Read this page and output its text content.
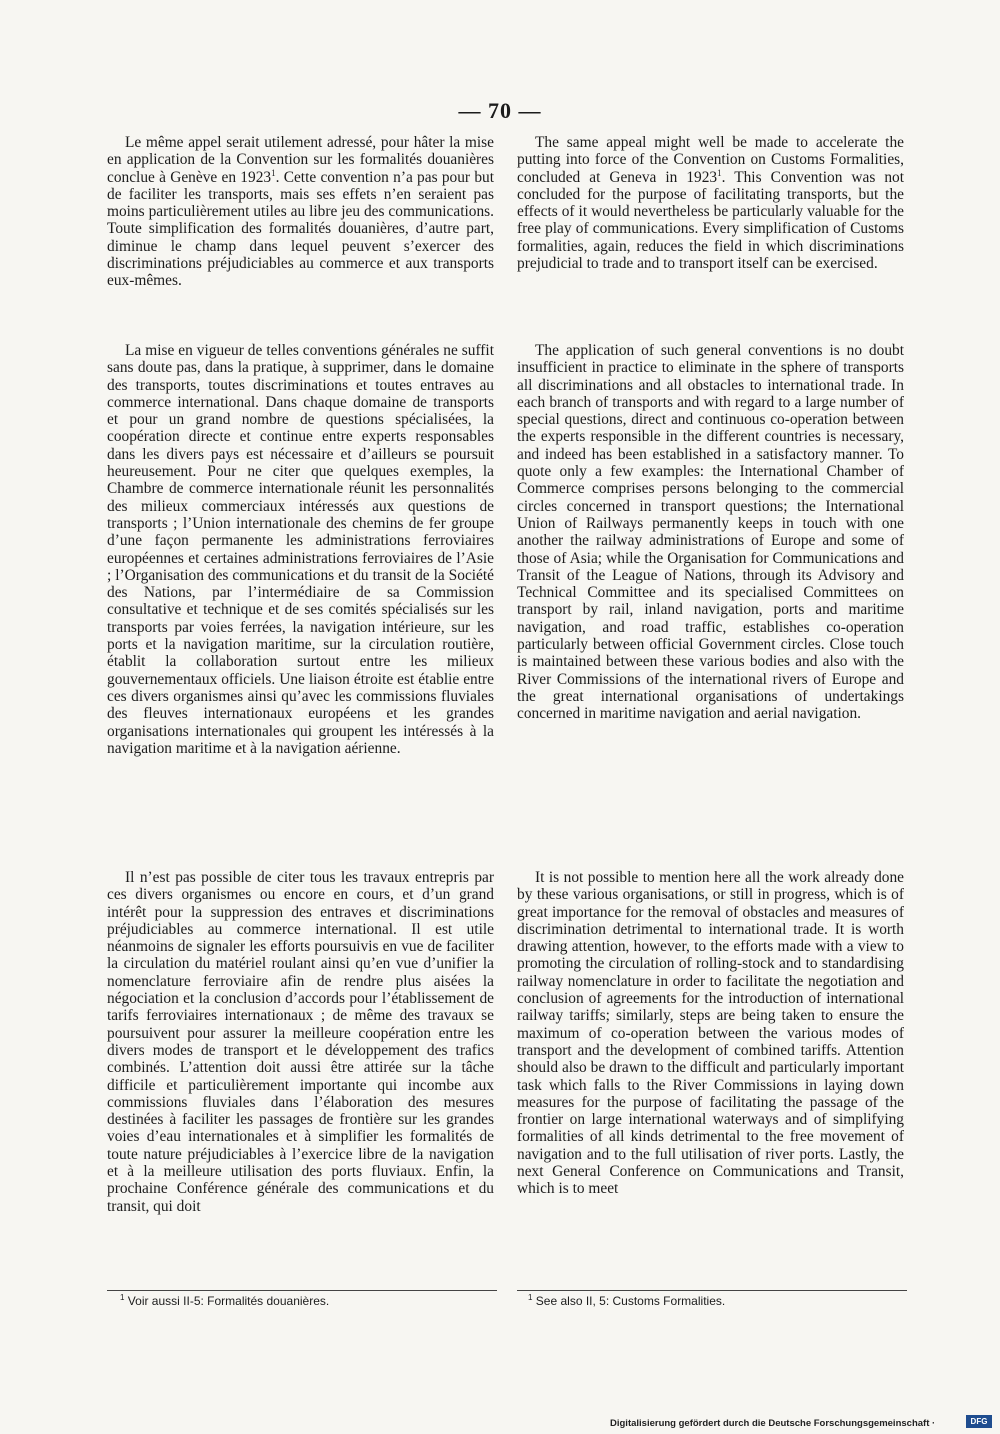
— 70 —

Le même appel serait utilement adressé, pour hâter la mise en application de la Convention sur les formalités douanières conclue à Genève en 1923$^1$. Cette convention n’a pas pour but de faciliter les transports, mais ses effets n’en seraient pas moins particulièrement utiles au libre jeu des communications. Toute simplification des formalités douanières, d’autre part, diminue le champ dans lequel peuvent s’exercer des discriminations préjudiciables au commerce et aux transports eux-mêmes.

La mise en vigueur de telles conventions générales ne suffit sans doute pas, dans la pratique, à supprimer, dans le domaine des transports, toutes discriminations et toutes entraves au commerce international. Dans chaque domaine de transports et pour un grand nombre de questions spécialisées, la coopération directe et continue entre experts responsables dans les divers pays est nécessaire et d’ailleurs se poursuit heureusement. Pour ne citer que quelques exemples, la Chambre de commerce internationale réunit les personnalités des milieux commerciaux intéressés aux questions de transports ; l’Union internationale des chemins de fer groupe d’une façon permanente les administrations ferroviaires européennes et certaines administrations ferroviaires de l’Asie ; l’Organisation des communications et du transit de la Société des Nations, par l’intermédiaire de sa Commission consultative et technique et de ses comités spécialisés sur les transports par voies ferrées, la navigation intérieure, sur les ports et la navigation maritime, sur la circulation routière, établit la collaboration surtout entre les milieux gouvernementaux officiels. Une liaison étroite est établie entre ces divers organismes ainsi qu’avec les commissions fluviales des fleuves internationaux européens et les grandes organisations internationales qui groupent les intéressés à la navigation maritime et à la navigation aérienne.

Il n’est pas possible de citer tous les travaux entrepris par ces divers organismes ou encore en cours, et d’un grand intérêt pour la suppression des entraves et discriminations préjudiciables au commerce international. Il est utile néanmoins de signaler les efforts poursuivis en vue de faciliter la circulation du matériel roulant ainsi qu’en vue d’unifier la nomenclature ferroviaire afin de rendre plus aisées la négociation et la conclusion d’accords pour l’établissement de tarifs ferroviaires internationaux ; de même des travaux se poursuivent pour assurer la meilleure coopération entre les divers modes de transport et le développement des trafics combinés. L’attention doit aussi être attirée sur la tâche difficile et particulièrement importante qui incombe aux commissions fluviales dans l’élaboration des mesures destinées à faciliter les passages de frontière sur les grandes voies d’eau internationales et à simplifier les formalités de toute nature préjudiciables à l’exercice libre de la navigation et à la meilleure utilisation des ports fluviaux. Enfin, la prochaine Conférence générale des communications et du transit, qui doit

The same appeal might well be made to accelerate the putting into force of the Convention on Customs Formalities, concluded at Geneva in 1923$^1$. This Convention was not concluded for the purpose of facilitating transports, but the effects of it would nevertheless be particularly valuable for the free play of communications. Every simplification of Customs formalities, again, reduces the field in which discriminations prejudicial to trade and to transport itself can be exercised.

The application of such general conventions is no doubt insufficient in practice to eliminate in the sphere of transports all discriminations and all obstacles to international trade. In each branch of transports and with regard to a large number of special questions, direct and continuous co-operation between the experts responsible in the different countries is necessary, and indeed has been established in a satisfactory manner. To quote only a few examples: the International Chamber of Commerce comprises persons belonging to the commercial circles concerned in transport questions; the International Union of Railways permanently keeps in touch with one another the railway administrations of Europe and some of those of Asia; while the Organisation for Communications and Transit of the League of Nations, through its Advisory and Technical Committee and its specialised Committees on transport by rail, inland navigation, ports and maritime navigation, and road traffic, establishes co-operation particularly between official Government circles. Close touch is maintained between these various bodies and also with the River Commissions of the international rivers of Europe and the great international organisations of undertakings concerned in maritime navigation and aerial navigation.

It is not possible to mention here all the work already done by these various organisations, or still in progress, which is of great importance for the removal of obstacles and measures of discrimination detrimental to international trade. It is worth drawing attention, however, to the efforts made with a view to promoting the circulation of rolling-stock and to standardising railway nomenclature in order to facilitate the negotiation and conclusion of agreements for the introduction of international railway tariffs; similarly, steps are being taken to ensure the maximum of co-operation between the various modes of transport and the development of combined tariffs. Attention should also be drawn to the difficult and particularly important task which falls to the River Commissions in laying down measures for the purpose of facilitating the passage of the frontier on large international waterways and of simplifying formalities of all kinds detrimental to the free movement of navigation and to the full utilisation of river ports. Lastly, the next General Conference on Communications and Transit, which is to meet

$^1$ Voir aussi II-5: Formalités douanières.	$^1$ See also II, 5: Customs Formalities.
Digitalisierung gefördert durch die Deutsche Forschungsgemeinschaft ·	DFG
